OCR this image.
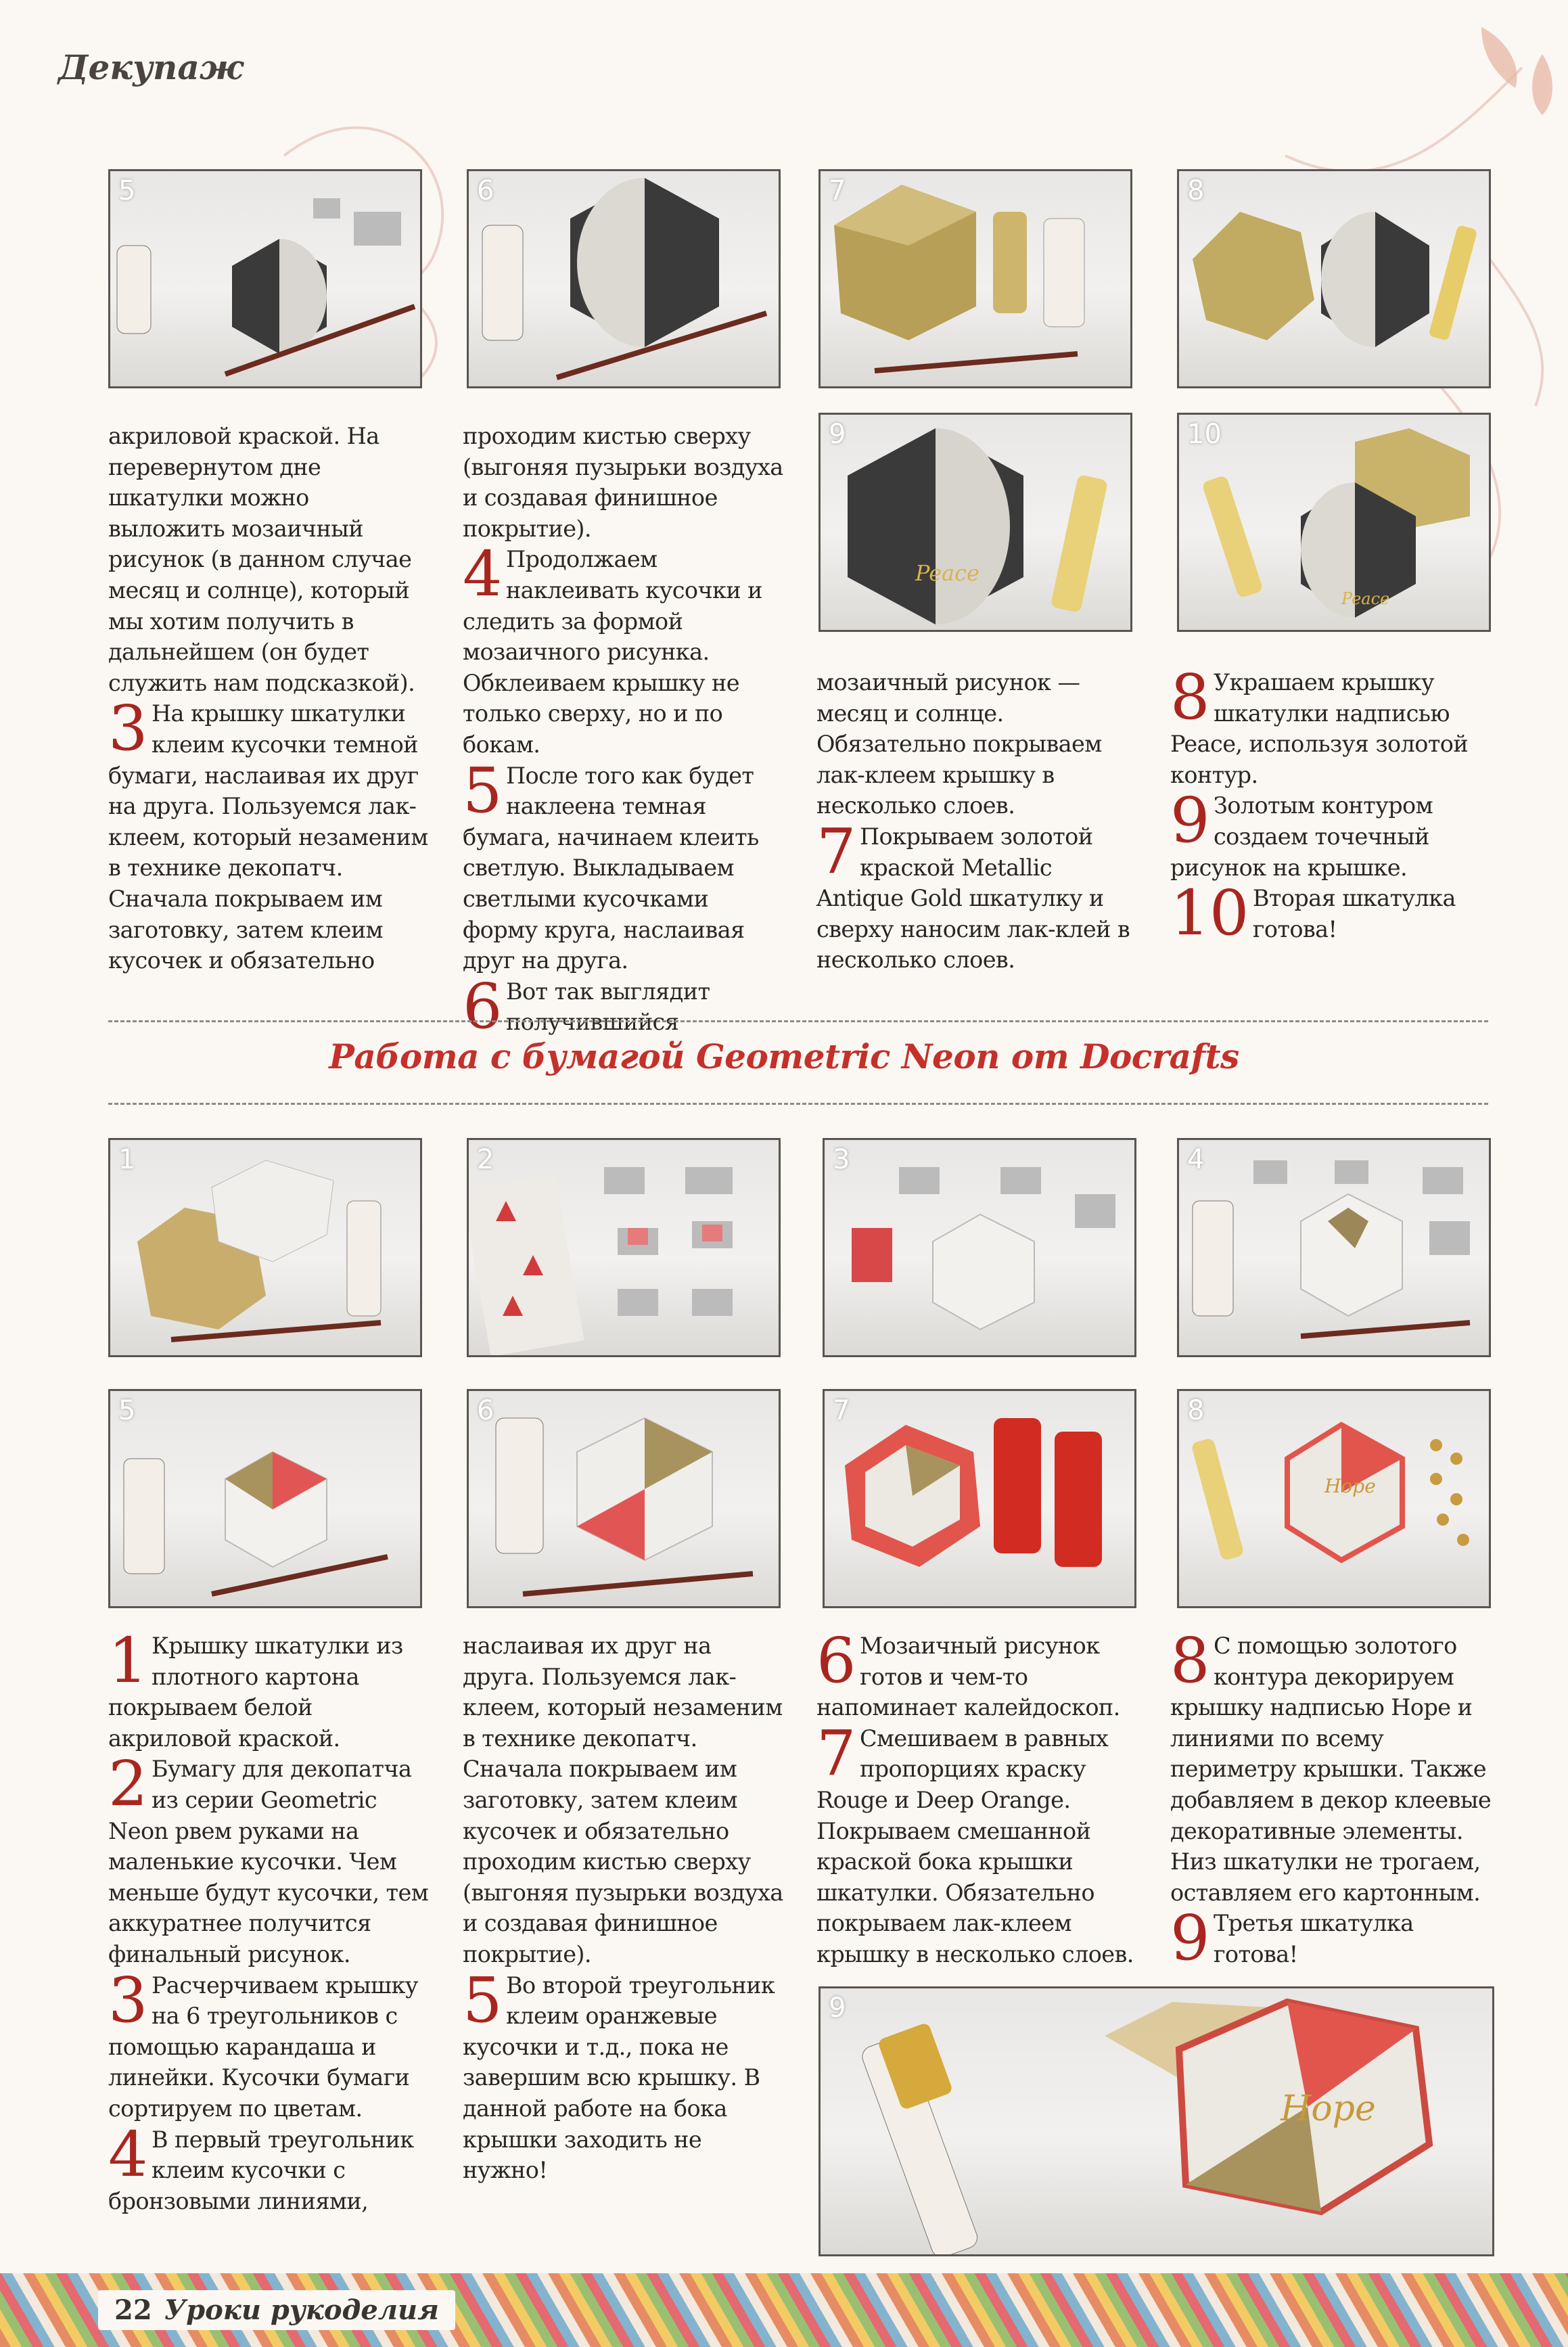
Декупаж
5	6	7	8
Peace
9
Peace
10

акриловой краской. На перевернутом дне шкатулки можно выложить мозаичный рисунок (в данном случае месяц и солнце), который мы хотим получить в дальнейшем (он будет служить нам подсказкой).

3 На крышку шкатулки клеим кусочки темной бумаги, наслаивая их друг на друга. Пользуемся лак-клеем, который незаменим в технике декопатч. Сначала покрываем им заготовку, затем клеим кусочек и обязательно

проходим кистью сверху (выгоняя пузырьки воздуха и создавая финишное покрытие).

4 Продолжаем наклеивать кусочки и следить за формой мозаичного рисунка. Обклеиваем крышку не только сверху, но и по бокам.
5 После того как будет наклеена темная бумага, начинаем клеить светлую. Выкладываем светлыми кусочками форму круга, наслаивая друг на друга.
6 Вот так выглядит получившийся

мозаичный рисунок — месяц и солнце. Обязательно покрываем лак-клеем крышку в несколько слоев.

7 Покрываем золотой краской Metallic Antique Gold шкатулку и сверху наносим лак-клей в несколько слоев.
8 Украшаем крышку шкатулки надписью Peace, используя золотой контур.
9 Золотым контуром создаем точечный рисунок на крышке.
10 Вторая шкатулка готова!
Работа с бумагой Geometric Neon от Docrafts
1	2	3	4
5	6	7
Hope
8
Hope
9
1 Крышку шкатулки из плотного картона покрываем белой акриловой краской.
2 Бумагу для декопатча из серии Geometric Neon рвем руками на маленькие кусочки. Чем меньше будут кусочки, тем аккуратнее получится финальный рисунок.
3 Расчерчиваем крышку на 6 треугольников с помощью карандаша и линейки. Кусочки бумаги сортируем по цветам.
4 В первый треугольник клеим кусочки с бронзовыми линиями,

наслаивая их друг на друга. Пользуемся лак-клеем, который незаменим в технике декопатч. Сначала покрываем им заготовку, затем клеим кусочек и обязательно проходим кистью сверху (выгоняя пузырьки воздуха и создавая финишное покрытие).

5 Во второй треугольник клеим оранжевые кусочки и т.д., пока не завершим всю крышку. В данной работе на бока крышки заходить не нужно!
6 Мозаичный рисунок готов и чем-то напоминает калейдоскоп.
7 Смешиваем в равных пропорциях краску Rouge и Deep Orange. Покрываем смешанной краской бока крышки шкатулки. Обязательно покрываем лак-клеем крышку в несколько слоев.
8 С помощью золотого контура декорируем крышку надписью Hope и линиями по всему периметру крышки. Также добавляем в декор клеевые декоративные элементы. Низ шкатулки не трогаем, оставляем его картонным.
9 Третья шкатулка готова!
22 Уроки рукоделия
